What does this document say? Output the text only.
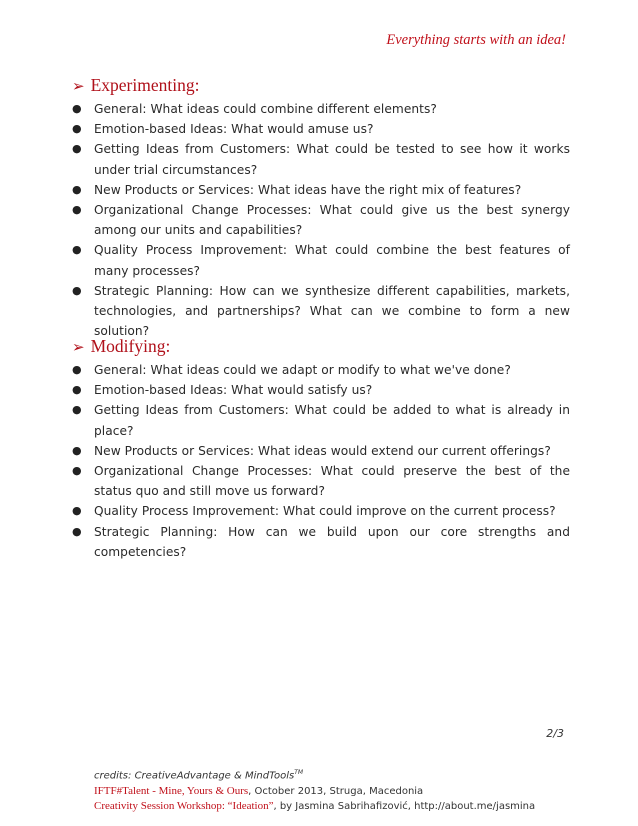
Everything starts with an idea!
➢ Experimenting:
● General: What ideas could combine different elements?
● Emotion-based Ideas: What would amuse us?
● Getting Ideas from Customers: What could be tested to see how it works under trial circumstances?
● New Products or Services: What ideas have the right mix of features?
● Organizational Change Processes: What could give us the best synergy among our units and capabilities?
● Quality Process Improvement: What could combine the best features of many processes?
● Strategic Planning: How can we synthesize different capabilities, markets, technologies, and partnerships? What can we combine to form a new solution?
➢ Modifying:
● General: What ideas could we adapt or modify to what we've done?
● Emotion-based Ideas: What would satisfy us?
● Getting Ideas from Customers: What could be added to what is already in place?
● New Products or Services: What ideas would extend our current offerings?
● Organizational Change Processes: What could preserve the best of the status quo and still move us forward?
● Quality Process Improvement: What could improve on the current process?
● Strategic Planning: How can we build upon our core strengths and competencies?
2/3
credits: CreativeAdvantage & MindTools™
IFTF#Talent - Mine, Yours & Ours, October 2013, Struga, Macedonia
Creativity Session Workshop: “Ideation”, by Jasmina Sabrihafizović, http://about.me/jasmina
